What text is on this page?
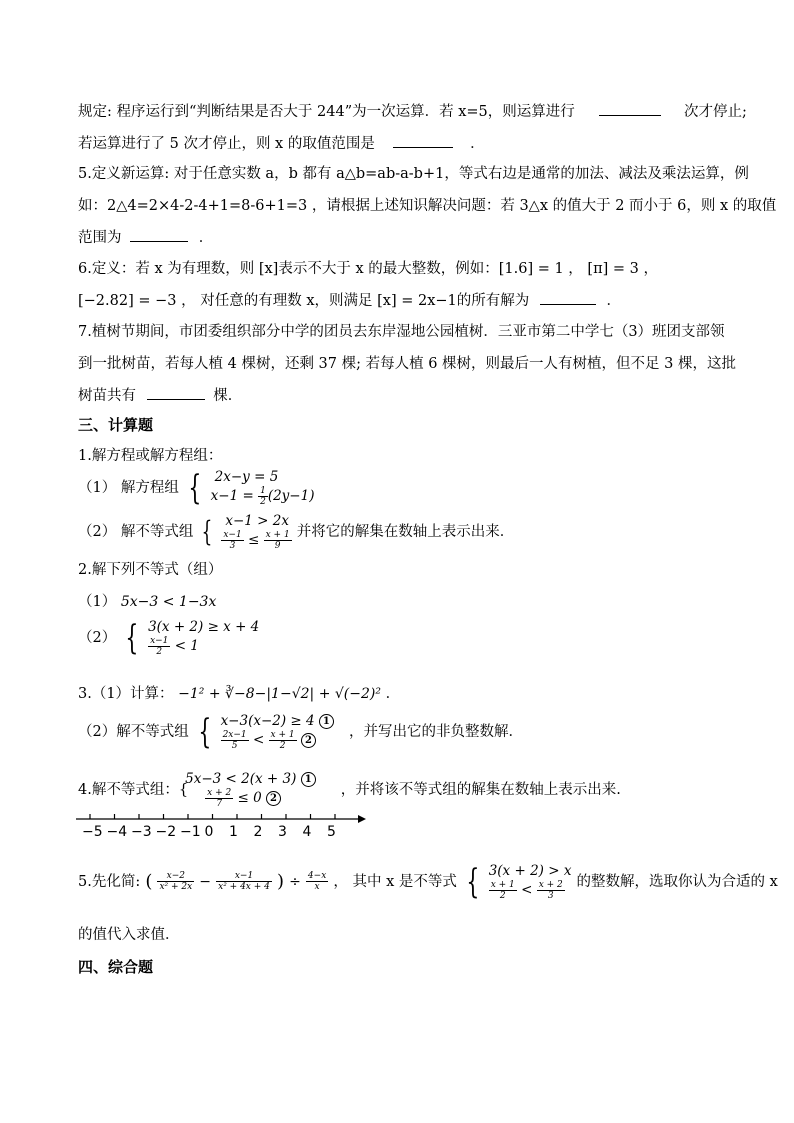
规定: 程序运行到“判断结果是否大于 244”为一次运算．若 x=5，则运算进行	次才停止;
若运算进行了 5 次才停止，则 x 的取值范围是	．
5.定义新运算: 对于任意实数 a，b 都有 a△b=ab-a-b+1，等式右边是通常的加法、减法及乘法运算，例
如：2△4=2×4-2-4+1=8-6+1=3 ，请根据上述知识解决问题：若 3△x 的值大于 2 而小于 6，则 x 的取值
范围为	．
6.定义：若 x 为有理数，则 [x]表示不大于 x 的最大整数，例如：[1.6] = 1 ， [π] = 3 ，
[−2.82] = −3 ， 对任意的有理数 x，则满足 [x] = 2x−1的所有解为	．
7.植树节期间，市团委组织部分中学的团员去东岸湿地公园植树．三亚市第二中学七（3）班团支部领
到一批树苗，若每人植 4 棵树，还剩 37 棵; 若每人植 6 棵树，则最后一人有树植，但不足 3 棵，这批
树苗共有	棵．
三、计算题
1.解方程或解方程组：
（1） 解方程组 { 2x−y = 5
$x-1 = \frac{1}{2} (2y-1)$
（2） 解不等式组 { x−1 > 2x
$\frac{x-1}{3} \le \frac{x + 1}{9}$ 并将它的解集在数轴上表示出来．
2.解下列不等式（组）
（1） 5x−3 < 1−3x
（2） { 3(x + 2) ≥ x + 4
$\frac{x-1}{2} < 1$
3.（1）计算： −1² + ∛−8−|1−√2| + √(−2)² ．
（2）解不等式组 { x−3(x−2) ≥ 4 1
$\frac{2x-1}{5} < \frac{x + 1}{2} 2$
，并写出它的非负整数解．
4.解不等式组：{
5x−3 < 2(x + 3) 1
$\frac{x + 2}{7} \le 0$ 2
，并将该不等式组的解集在数轴上表示出来.
−5 −4 −3 −2 −1 0 1 2 3 4 5
5.先化简: ( $\frac{x-2}{\text{x² + 2x}} - \frac{x-1}{\text{x² + 4x + 4}}$ ) ÷ $\frac{4-x}{x}$ ， 其中 x 是不等式 { 3(x + 2) > x
$\frac{x + 1}{2} < \frac{x + 2}{3}$ 的整数解，选取你认为合适的 x
的值代入求值．
四、综合题
